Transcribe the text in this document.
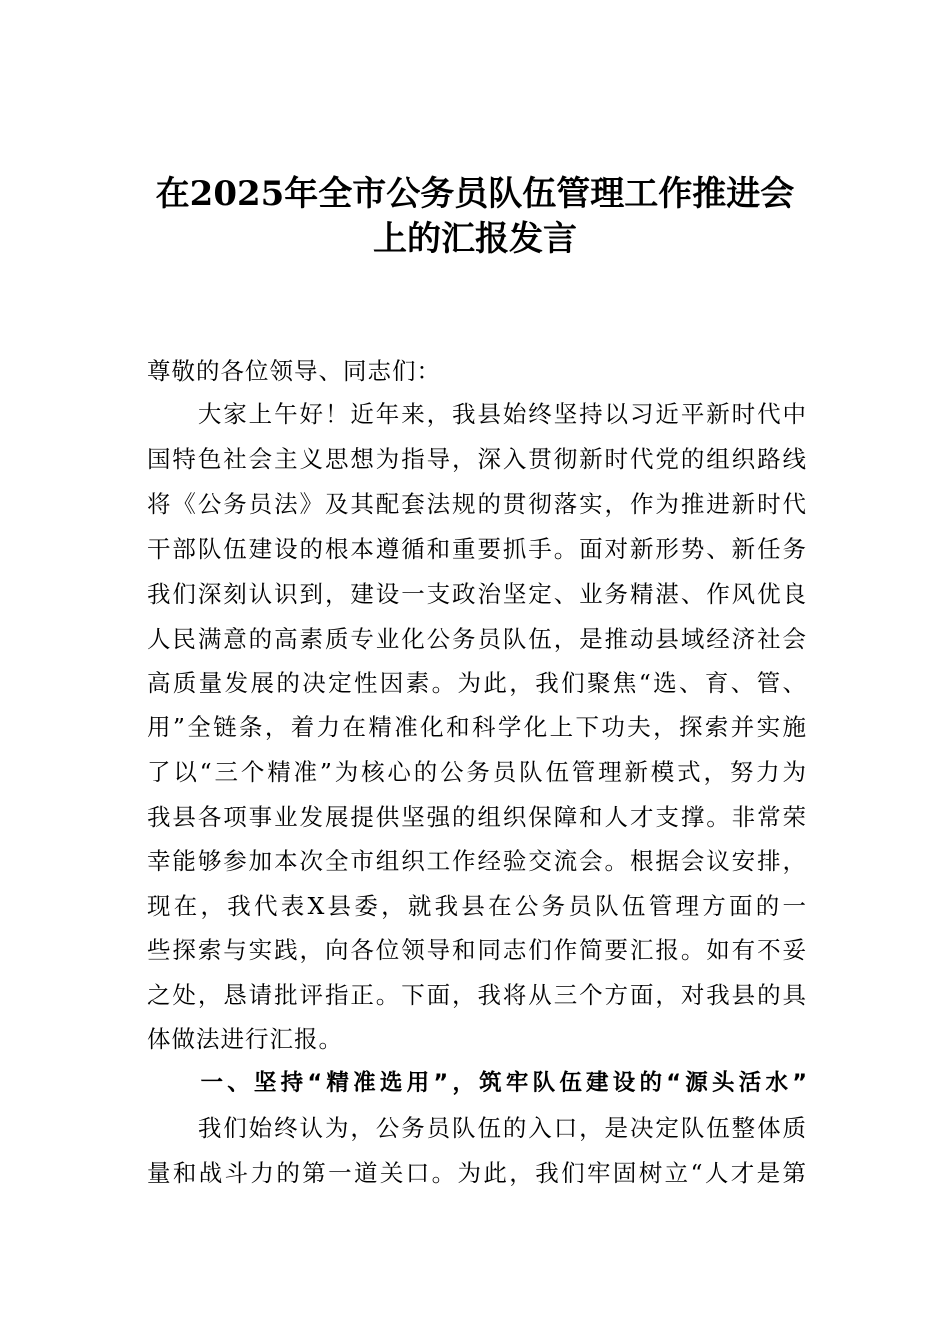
在2025年全市公务员队伍管理工作推进会
上的汇报发言
尊敬的各位领导、同志们：
　　大家上午好！近年来，我县始终坚持以习近平新时代中
国特色社会主义思想为指导，深入贯彻新时代党的组织路线
将《公务员法》及其配套法规的贯彻落实，作为推进新时代
干部队伍建设的根本遵循和重要抓手。面对新形势、新任务
我们深刻认识到，建设一支政治坚定、业务精湛、作风优良
人民满意的高素质专业化公务员队伍，是推动县域经济社会
高质量发展的决定性因素。为此，我们聚焦“选、育、管、
用”全链条，着力在精准化和科学化上下功夫，探索并实施
了以“三个精准”为核心的公务员队伍管理新模式，努力为
我县各项事业发展提供坚强的组织保障和人才支撑。非常荣
幸能够参加本次全市组织工作经验交流会。根据会议安排，
现在，我代表X县委，就我县在公务员队伍管理方面的一
些探索与实践，向各位领导和同志们作简要汇报。如有不妥
之处，恳请批评指正。下面，我将从三个方面，对我县的具
体做法进行汇报。
　　一、坚持“精准选用”，筑牢队伍建设的“源头活水”
　　我们始终认为，公务员队伍的入口，是决定队伍整体质
量和战斗力的第一道关口。为此，我们牢固树立“人才是第
